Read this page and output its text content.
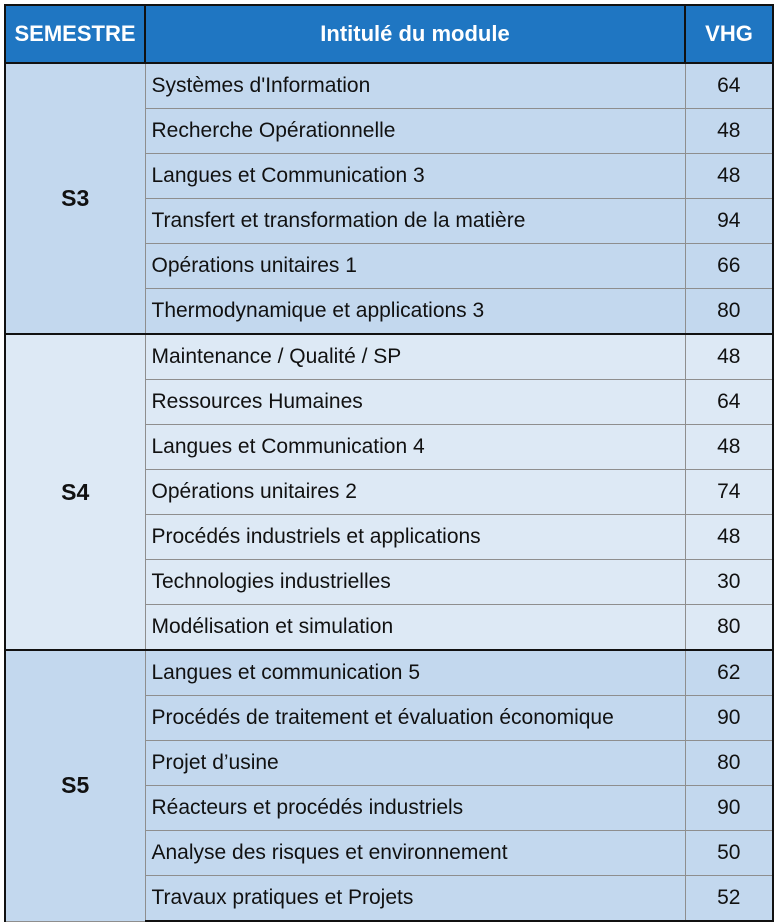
SEMESTRE	Intitulé du module	VHG
S3	Systèmes d'Information	64
	Recherche Opérationnelle	48
	Langues et Communication 3	48
	Transfert et transformation de la matière	94
	Opérations unitaires 1	66
	Thermodynamique et applications 3	80
S4	Maintenance / Qualité / SP	48
	Ressources Humaines	64
	Langues et Communication 4	48
	Opérations unitaires 2	74
	Procédés industriels et applications	48
	Technologies industrielles	30
	Modélisation et simulation	80
S5	Langues et communication 5	62
	Procédés de traitement et évaluation économique	90
	Projet d’usine	80
	Réacteurs et procédés industriels	90
	Analyse des risques et environnement	50
	Travaux pratiques et Projets	52
